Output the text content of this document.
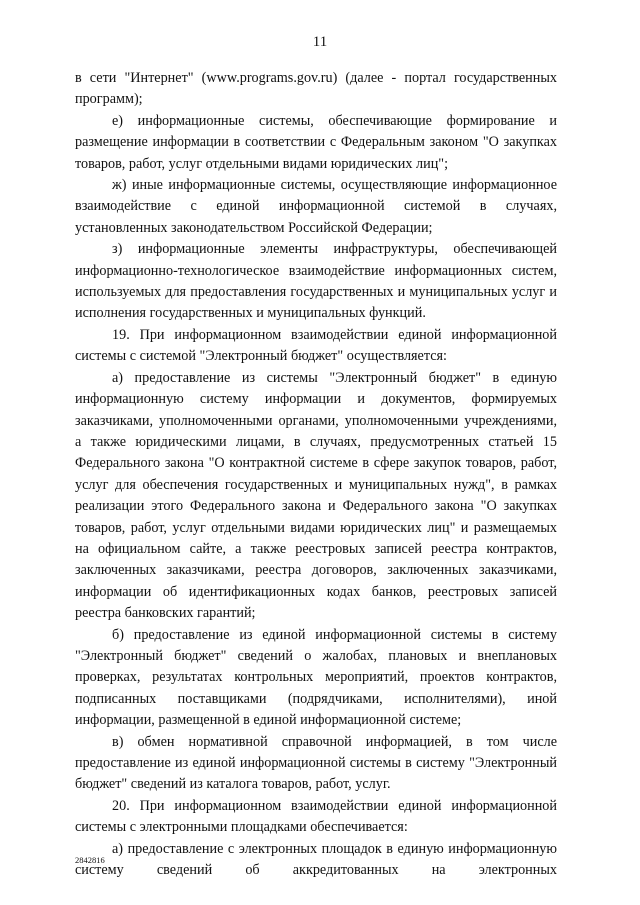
11

в сети "Интернет" (www.programs.gov.ru) (далее - портал государственных программ);

е) информационные системы, обеспечивающие формирование и размещение информации в соответствии с Федеральным законом "О закупках товаров, работ, услуг отдельными видами юридических лиц";

ж) иные информационные системы, осуществляющие информационное взаимодействие с единой информационной системой в случаях, установленных законодательством Российской Федерации;

з) информационные элементы инфраструктуры, обеспечивающей информационно-технологическое взаимодействие информационных систем, используемых для предоставления государственных и муниципальных услуг и исполнения государственных и муниципальных функций.

19. При информационном взаимодействии единой информационной системы с системой "Электронный бюджет" осуществляется:

а) предоставление из системы "Электронный бюджет" в единую информационную систему информации и документов, формируемых заказчиками, уполномоченными органами, уполномоченными учреждениями, а также юридическими лицами, в случаях, предусмотренных статьей 15 Федерального закона "О контрактной системе в сфере закупок товаров, работ, услуг для обеспечения государственных и муниципальных нужд", в рамках реализации этого Федерального закона и Федерального закона "О закупках товаров, работ, услуг отдельными видами юридических лиц" и размещаемых на официальном сайте, а также реестровых записей реестра контрактов, заключенных заказчиками, реестра договоров, заключенных заказчиками, информации об идентификационных кодах банков, реестровых записей реестра банковских гарантий;

б) предоставление из единой информационной системы в систему "Электронный бюджет" сведений о жалобах, плановых и внеплановых проверках, результатах контрольных мероприятий, проектов контрактов, подписанных поставщиками (подрядчиками, исполнителями), иной информации, размещенной в единой информационной системе;

в) обмен нормативной справочной информацией, в том числе предоставление из единой информационной системы в систему "Электронный бюджет" сведений из каталога товаров, работ, услуг.

20. При информационном взаимодействии единой информационной системы с электронными площадками обеспечивается:

а) предоставление с электронных площадок в единую информационную систему сведений об аккредитованных на электронных

2842816
